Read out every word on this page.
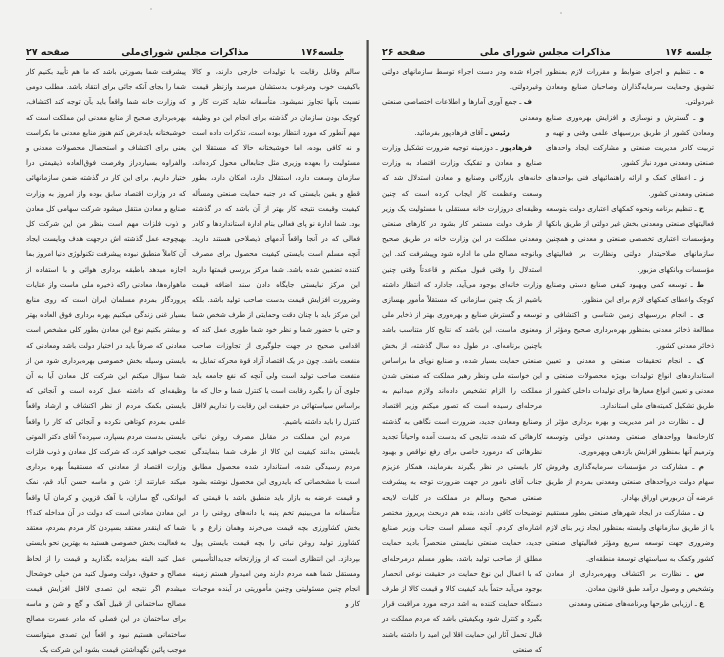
جلسه۱۷۶
مذاکرات مجلس شورای‌ملی
صفحه ۲۷

سالم وقابل رقابت با تولیدات خارجی دارند، و کالا باکیفیت خوب ومرغوب بدستشان میرسد وازنظر قیمت نسبت بآنها تجاوز نمیشود. متأسفانه شاید کثرت کار و کوچک بودن سازمان در گذشته برای انجام این دو وظیفه مهم آنطور که مورد انتظار بوده است، تذکرات داده است و نه کافی بوده، اما خوشبختانه حالا که مستقلا این مسئولیت را بعهده وزیری مثل جنابعالی محول کرده‌اند، سازمان وسعت دارد، استقلال دارد، امکان دارد، بطور قطع و یقین بایستی که در جنبه حمایت صنعتی ومسأله کیفیت وقیمت نتیجه کار بهتر از آن باشد که در گذشته بود. شما ادارة نو پای فعالی بنام ادارة استانداردها و کادر فعالی که در آنجا واقعاً آدمهای ذیصلاحی هستند دارید. آنچه مسلم است بایستی کیفیت محصول برای مصرف کننده تضمین شده باشد. شما مرکز بررسی قیمتها دارید این مرکز نبایستی جایگاه دادن سند اضافه قیمت وضرورت افزایش قیمت بدست صاحب تولید باشد. بلکه این مرکز باید با چنان دقت وحمایتی از طرف شخص شما و حتی با حضور شما و نظر خود شما طوری عمل کند که اقدامی صحیح در جهت جلوگیری از تجاوزات صاحب منفعت باشد. چون در یک اقتصاد آزاد قوة محرکه تمایل به منفعت صاحب تولید است ولی آنچه که نفع جامعه باید جلوی آن را بگیرد رقابت است یا کنترل شما و حال که ما براساس سیاستهائی در حقیقت این رقابت را نداریم لااقل کنترل را باید داشته باشیم.

مردم این مملکت در مقابل مصرف روغن نباتی بایستی بدانند کیفیت این کالا از طرف شما بنمایندگی مردم رسیدگی شده، استاندارد شده محصول مطابق است با مشخصاتی که بایدروی این محصول نوشته بشود و قیمت عرضه به بازار باید منطبق باشد با قیمتی که متأسفانه ما می‌بینیم تخم پنبه یا دانه‌های روغنی را در بخش کشاورزی بچه قیمت می‌خرند وهمان زارع و یا کشاورز تولید روغن نباتی را بچه قیمت بایستی پول بپردازد. این انتظاری است که از وزارتخانه جدیدالتأسیس ومستقل شما همه مردم دارند ومن امیدوار هستم زمینه انجام چنین مسئولیتی وچنین مأموریتی در آینده موجبات کار و

پیشرفت شما بصورتی باشد که ما هم تأیید بکنیم کار شما را بجای آنکه جائی برای انتقاد باشد. مطلب دومی که وزارت خانه شما واقعاً باید بآن توجه کند اکتشاف، بهره‌برداری صحیح از منابع معدنی این مملکت است که خوشبختانه بایدعرض کنم هنوز منابع معدنی ما بکراست یعنی برای اکتشاف و استحصال محصولات معدنی و والفراوه بسیاردراز وفرصت فوق‌العاده ذیقیمتی درا ختیار داریم. برای این کار در گذشته ضمن سازمانهائی که در وزارت اقتصاد سابق بوده واز امروز به وزارت صنایع و معادن منتقل میشود شرکت سهامی کل معادن و ذوب فلزات مهم است بنظر من این شرکت کل بهیچوجه عمل گذشته اش درجهت هدف وبایست ایجاد آن کاملاً منطبق نبوده پیشرفت تکنولوژی دنیا امروز بما اجازه میدهد باطبقه برداری هوائی و با استفاده از ماهواره‌ها، معادنی راکه ذخیره ملی ماست واز عنایات پروردگار بمردم مسلمان ایران است که روی منابع بسیار غنی زندگی میکنیم بهره برداری فوق العاده بهتر و بیشتر بکنیم نوع این معادن بطور کلی مشخص است معادنی که صرفاً باید در اختیار دولت باشد ومعادنی که بایستی وسیله بخش خصوصی بهره‌برداری شود من از شما سؤال میکنم این شرکت کل معادن آیا به آن وظیفه‌ای که داشته عمل کرده است و آنجائی که بایستی بکمک مردم از نظر اکتشاف و ارشاد واقعاً علمی بمردم کوتاهی نکرده و آنجائی که کار را واقعاً بایستی بدست مردم بسپارد، سپرده؟ آقای دکتر الموتی تعجب خواهید کرد، که شرکت کل معادن و ذوب فلزات وزارت اقتصاد از معادنی که مستقیماً بهره برداری میکند عبارتند از: شن و ماسه حسن آباد قم، نمک ایوانکی، گچ ساران، با آهک قزوین و کرمان آیا واقعاً این معادن معادنی است که دولت در آن مداخله کند؟! شما که اینقدر معتقد بسپردن کار مردم بمردم، معتقد به فعالیت بخش خصوصی هستید به بهترین نحو بایستی عمل کنید البته بمزایده بگذارید و قیمت را از لحاظ مصالح و حقوق، دولت وصول کنید من خیلی خوشحال میشدم اگر نتیجه این تصدی لااقل افزایش قیمت مصالح ساختمانی از قبیل آهک و گچ و شن و ماسه برای ساختمان در این فصلی که مادر عسرت مصالح ساختمانی هستیم نبود و اقعاً این تصدی میتوانست موجب پائین نگهداشتن قیمت بشود این شرکت یک

جلسه ۱۷۶
مذاکرات مجلس شورای ملی
صفحه ۲۶

ه ـ تنظیم و اجرای ضوابط و مقررات لازم بمنظور تشویق وحمایت سرمایه‌گذاران وصاحبان صنایع ومعادن غیردولتی.

و ـ گسترش و نوسازی و افزایش بهره‌وری صنایع ومعادن کشور از طریق بررسیهای علمی وفنی و تهیه و تربیت کادر مدیریت صنعتی و مشارکت ایجاد واحدهای صنعتی ومعدنی مورد نیاز کشور.

ز ـ اعطای کمک و ارائه راهنمائیهای فنی بواحدهای صنعتی ومعدنی کشور.

ح ـ تنظیم برنامه ونحوه کمکهای اعتباری دولت بتوسعه فعالیتهای صنعتی ومعدنی بخش غیر دولتی از طریق بانکها ومؤسسات اعتباری تخصصی صنعتی و معدنی و همچنین سازمانهای صلاحیتدار دولتی ونظارت بر فعالیتهای مؤسسات وبانکهای مزبور.

ط ـ توسعه کمی وبهبود کیفی صنایع دستی وصنایع کوچک واعطای کمکهای لازم برای این منظور.

ی ـ انجام بررسیهای زمین شناسی و اکتشافی و مطالعة ذخائر معدنی بمنظور بهره‌برداری صحیح ومؤثر از ذخائر معدنی کشور.

ک ـ انجام تحقیقات صنعتی و معدنی و تعیین استانداردهای انواع تولیدات بویژه محصولات صنعتی و معدنی و تعیین انواع معیارها برای تولیدات داخلی کشور از طریق تشکیل کمیته‌های ملی استاندارد.

ل ـ نظارت در امر مدیریت و بهره برداری مؤثر از کارخانه‌ها وواحدهای صنعتی ومعدنی دولتی وتوسعه وترمیم آنها بمنظور افزایش بازدهی وبهره‌وری.

م ـ مشارکت در مؤسسات سرمایه‌گذاری وفروش سهام دولت درواحدهای صنعتی ومعدنی بمردم از طریق عرضه آن دربورس اوراق بهادار.

ن ـ مشارکت در ایجاد شهرهای صنعتی بطور مستقیم یا از طریق سازمانهای وابسته بمنظور ایجاد زیر بنای لازم وضروری جهت توسعه سریع ومؤثر فعالیتهای صنعتی کشور وکمک به سیاستهای توسعة منطقه‌ای.

س ـ نظارت بر اکتشاف وبهره‌برداری از معادن وتشخیص و وصول درآمد طبق قانون معادن.

ع ـ ارزیابی طرحها وبرنامه‌های صنعتی ومعدنی

اجراء شده ودر دست اجراء توسط سازمانهای دولتی وغیردولتی.

ف ـ جمع آوری آمارها و اطلاعات اختصاصی صنعتی ومعدنی

رئیس ـ آقای فرهادپور بفرمائید.

فرهادپور ـ دوزمینه توجیه ضرورت تشکیل وزارت صنایع و معادن و تفکیک وزارت اقتصاد به وزارت خانه‌های بازرگانی وصنایع و معادن استدلال شد که وسعت وعظمت کار ایجاب کرده است که چنین وظیفه‌ای دروزارت خانه مستقلی با مسئولیت یک وزیر از طرف دولت مستمر کار بشود در کارهای صنعتی ومعدنی مملکت در این وزارت خانه در طریق صحیح وبانوجه مصالح ملی ما اداره شود وپیشرفت کند. این استدلال را وقتی قبول میکنم و قاعدتاً وقتی چنین وزارت خانه‌ای بوجود می‌آید، جادارد که انتظار داشته باشیم از یک چنین سازمانی که مستقلاً مأمور بهسازی توسعه و گسترش صنایع و بهره‌وری بهتر از ذخایر ملی ومعنوی ماست، این باشد که نتایج کار متناسب باشد باچنین برنامه‌ای. در طول ده سال گذشته، از بخش صنعتی حمایت بسیار شده، و صنایع نوپای ما براساس این خواسته ملی ونظر رهبر مملکت که صنعتی شدن مملکت را الزام تشخیص داده‌اند ولازم میدانیم به مرحله‌ای رسیده است که تصور میکنم وزیر اقتصاد وصنایع ومعادن جدید، ضرورت است نگاهی به گذشته کارهائی که شده، نتایجی که بدست آمده واحیاناً تجدید نظرهائی که درمورد خاصی برای رفع نواقص و بهبود کار بایستی در نظر بگیرند بفرمایند، همکار عزیزم جناب آقای نامور در جهت ضرورت توجه به پیشرفت صنعتی صحیح وسالم در مملکت در کلیات لایحه توضیحات کافی دادند، بنده هم دربحث پریروز مختصر اشاره‌ای کردم. آنچه مسلم است جناب وزیر صنایع جدید، حمایت صنعتی نبایستی منحصراً بادید حمایت مطلق از صاحب تولید باشد، بطور مسلم درمرحله‌ای که با اعمال این نوع حمایت در حقیقت نوعی انحصار بوجود می‌آید حتماً باید کیفیت کالا و قیمت کالا از طرف دستگاه حمایت کننده به اشد درجه مورد مراقبت قرار بگیرد و کنترل شود وبکیفیتی باشد که مردم مملکت در قبال تحمل آثار این حمایت اقلا این امید را داشته باشند که صنعتی
